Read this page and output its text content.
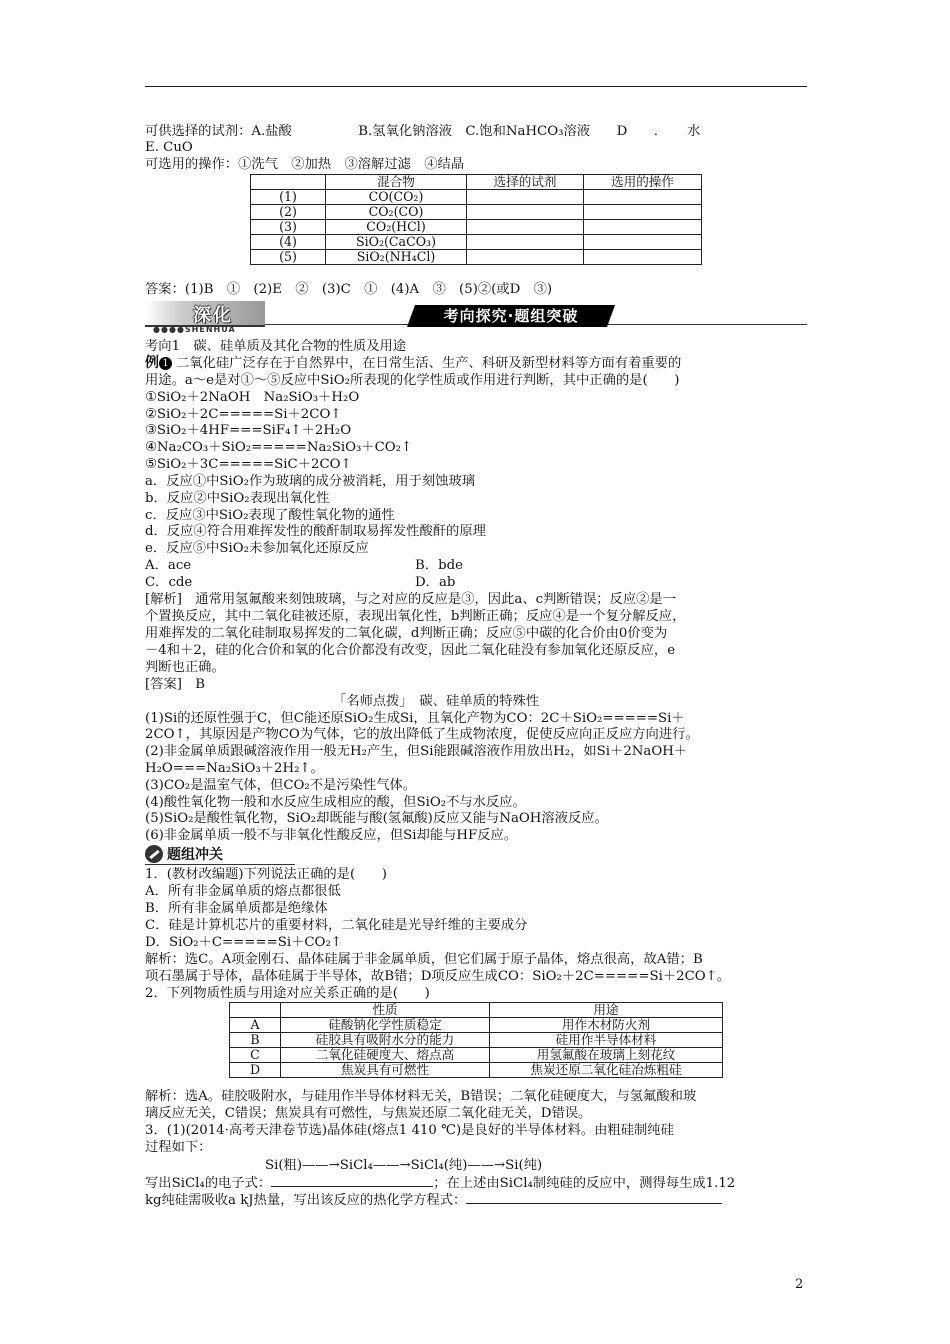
可供选择的试剂：A.盐酸　　　　　B.氢氧化钠溶液　C.饱和NaHCO₃溶液　　D　　．　　水
E. CuO
可选用的操作：①洗气　②加热　③溶解过滤　④结晶
	混合物	选择的试剂	选用的操作
(1)	CO(CO₂)		
(2)	CO₂(CO)		
(3)	CO₂(HCl)		
(4)	SiO₂(CaCO₃)		
(5)	SiO₂(NH₄Cl)		
答案：(1)B　①　(2)E　②　(3)C　①　(4)A　③　(5)②(或D　③)
深化
●●●●SHENHUA
考向探究·题组突破
考向1　碳、硅单质及其化合物的性质及用途
例 1 二氧化硅广泛存在于自然界中，在日常生活、生产、科研及新型材料等方面有着重要的
用途。a～e是对①～⑤反应中SiO₂所表现的化学性质或作用进行判断，其中正确的是(　　)
①SiO₂＋2NaOH　Na₂SiO₃＋H₂O
②SiO₂＋2C=====Si＋2CO↑
③SiO₂＋4HF===SiF₄↑＋2H₂O
④Na₂CO₃＋SiO₂=====Na₂SiO₃＋CO₂↑
⑤SiO₂＋3C=====SiC＋2CO↑
a．反应①中SiO₂作为玻璃的成分被消耗，用于刻蚀玻璃
b．反应②中SiO₂表现出氧化性
c．反应③中SiO₂表现了酸性氧化物的通性
d．反应④符合用难挥发性的酸酐制取易挥发性酸酐的原理
e．反应⑤中SiO₂未参加氧化还原反应
A．ace	B．bde
C．cde	D．ab
[解析]　通常用氢氟酸来刻蚀玻璃，与之对应的反应是③，因此a、c判断错误；反应②是一
个置换反应，其中二氧化硅被还原，表现出氧化性，b判断正确；反应④是一个复分解反应，
用难挥发的二氧化硅制取易挥发的二氧化碳，d判断正确；反应⑤中碳的化合价由0价变为
－4和＋2，硅的化合价和氧的化合价都没有改变，因此二氧化硅没有参加氧化还原反应，e
判断也正确。
[答案]　B
「名师点拨」　碳、硅单质的特殊性
(1)Si的还原性强于C，但C能还原SiO₂生成Si，且氧化产物为CO：2C＋SiO₂=====Si＋
2CO↑，其原因是产物CO为气体，它的放出降低了生成物浓度，促使反应向正反应方向进行。
(2)非金属单质跟碱溶液作用一般无H₂产生，但Si能跟碱溶液作用放出H₂，如Si＋2NaOH＋
H₂O===Na₂SiO₃＋2H₂↑。
(3)CO₂是温室气体，但CO₂不是污染性气体。
(4)酸性氧化物一般和水反应生成相应的酸，但SiO₂不与水反应。
(5)SiO₂是酸性氧化物，SiO₂却既能与酸(氢氟酸)反应又能与NaOH溶液反应。
(6)非金属单质一般不与非氧化性酸反应，但Si却能与HF反应。
题组冲关
1．(教材改编题)下列说法正确的是(　　)
A．所有非金属单质的熔点都很低
B．所有非金属单质都是绝缘体
C．硅是计算机芯片的重要材料，二氧化硅是光导纤维的主要成分
D．SiO₂＋C=====Si＋CO₂↑
解析：选C。A项金刚石、晶体硅属于非金属单质，但它们属于原子晶体，熔点很高，故A错；B
项石墨属于导体，晶体硅属于半导体，故B错；D项反应生成CO：SiO₂＋2C=====Si＋2CO↑。
2．下列物质性质与用途对应关系正确的是(　　)
	性质	用途
A	硅酸钠化学性质稳定	用作木材防火剂
B	硅胶具有吸附水分的能力	硅用作半导体材料
C	二氧化硅硬度大、熔点高	用氢氟酸在玻璃上刻花纹
D	焦炭具有可燃性	焦炭还原二氧化硅冶炼粗硅
解析：选A。硅胶吸附水，与硅用作半导体材料无关，B错误；二氧化硅硬度大，与氢氟酸和玻
璃反应无关，C错误；焦炭具有可燃性，与焦炭还原二氧化硅无关，D错误。
3．(1)(2014·高考天津卷节选)晶体硅(熔点1 410 ℃)是良好的半导体材料。由粗硅制纯硅
过程如下：
Si(粗)——→SiCl₄——→SiCl₄(纯)——→Si(纯)
写出SiCl₄的电子式：	；在上述由SiCl₄制纯硅的反应中，测得每生成1.12
kg纯硅需吸收a kJ热量，写出该反应的热化学方程式：
2
